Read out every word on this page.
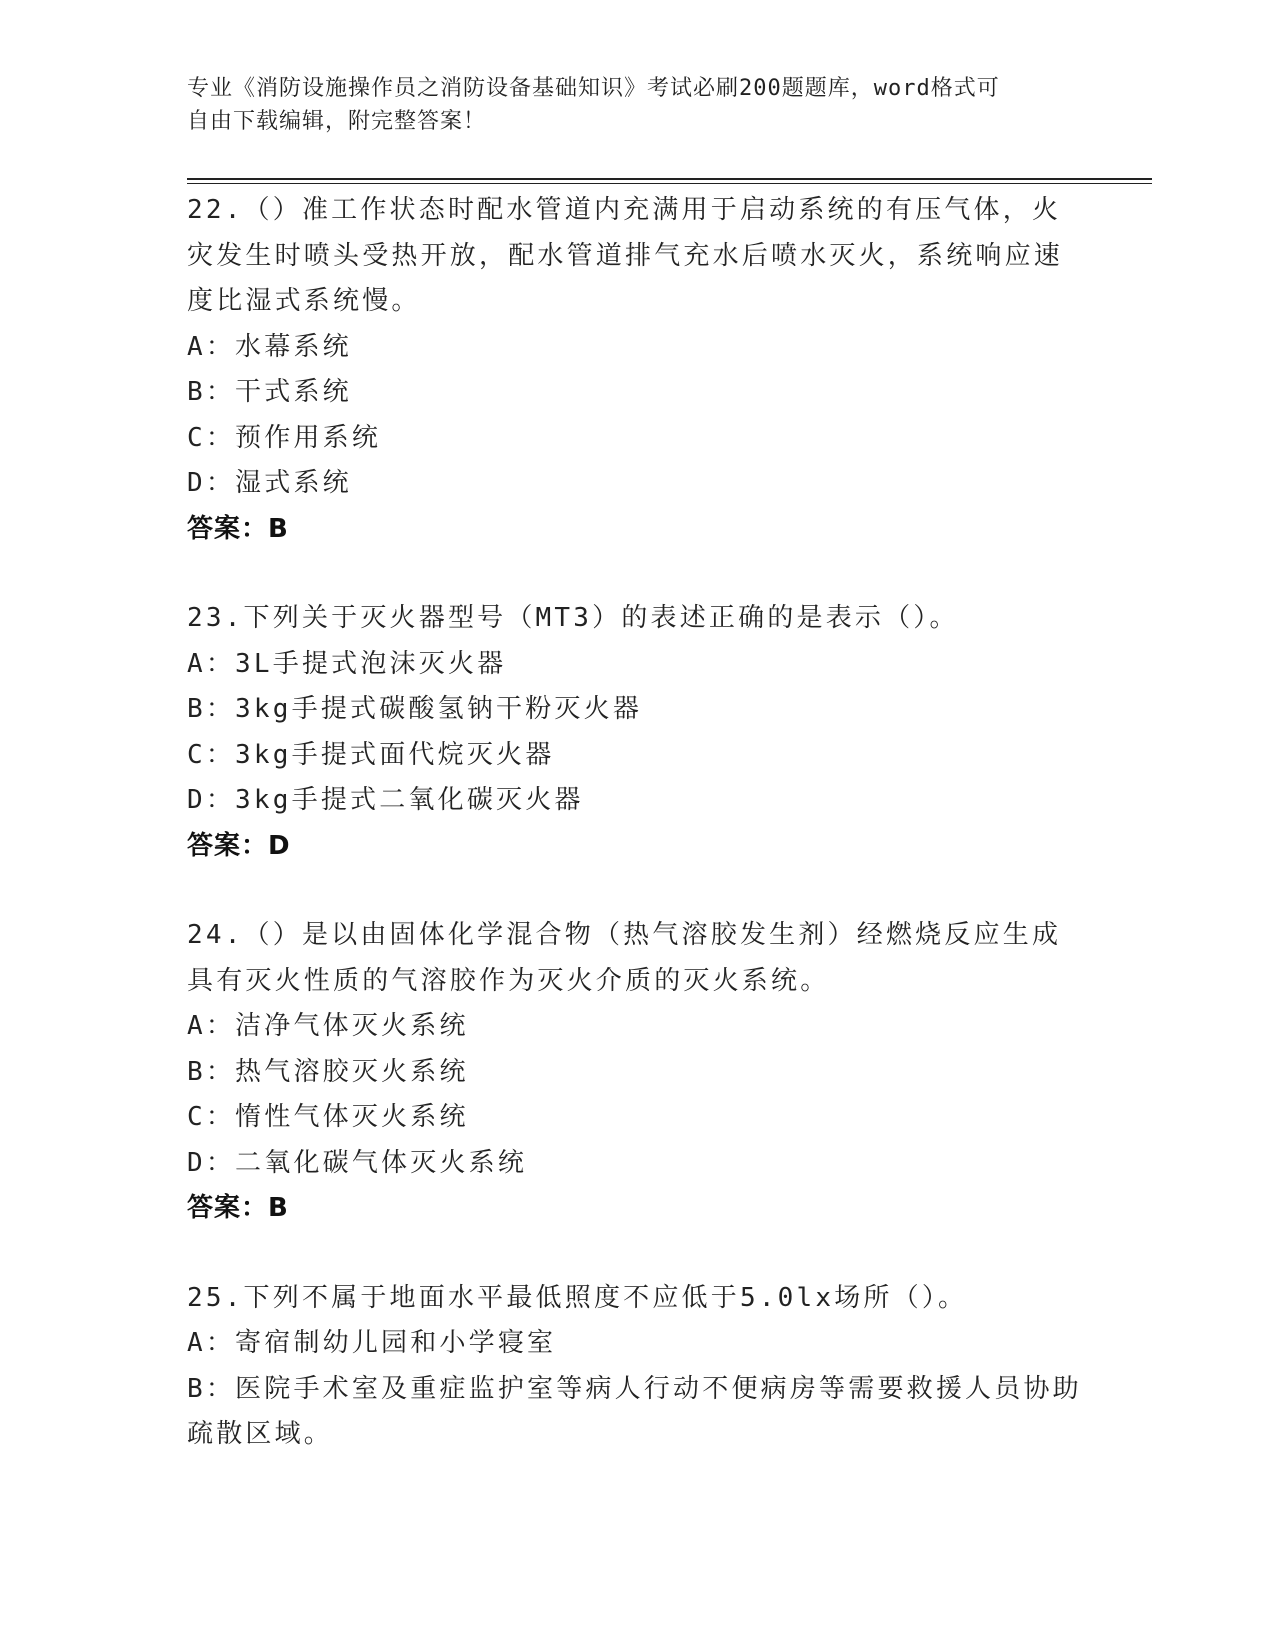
专业《消防设施操作员之消防设备基础知识》考试必刷200题题库，word格式可
自由下载编辑，附完整答案！

22.（）准工作状态时配水管道内充满用于启动系统的有压气体，火灾发生时喷头受热开放，配水管道排气充水后喷水灭火，系统响应速度比湿式系统慢。

A：水幕系统

B：干式系统

C：预作用系统

D：湿式系统

答案：B

23.下列关于灭火器型号（MT3）的表述正确的是表示（）。

A：3L手提式泡沫灭火器

B：3kg手提式碳酸氢钠干粉灭火器

C：3kg手提式面代烷灭火器

D：3kg手提式二氧化碳灭火器

答案：D

24.（）是以由固体化学混合物（热气溶胶发生剂）经燃烧反应生成具有灭火性质的气溶胶作为灭火介质的灭火系统。

A：洁净气体灭火系统

B：热气溶胶灭火系统

C：惰性气体灭火系统

D：二氧化碳气体灭火系统

答案：B

25.下列不属于地面水平最低照度不应低于5.0lx场所（）。

A：寄宿制幼儿园和小学寝室

B：医院手术室及重症监护室等病人行动不便病房等需要救援人员协助疏散区域。
